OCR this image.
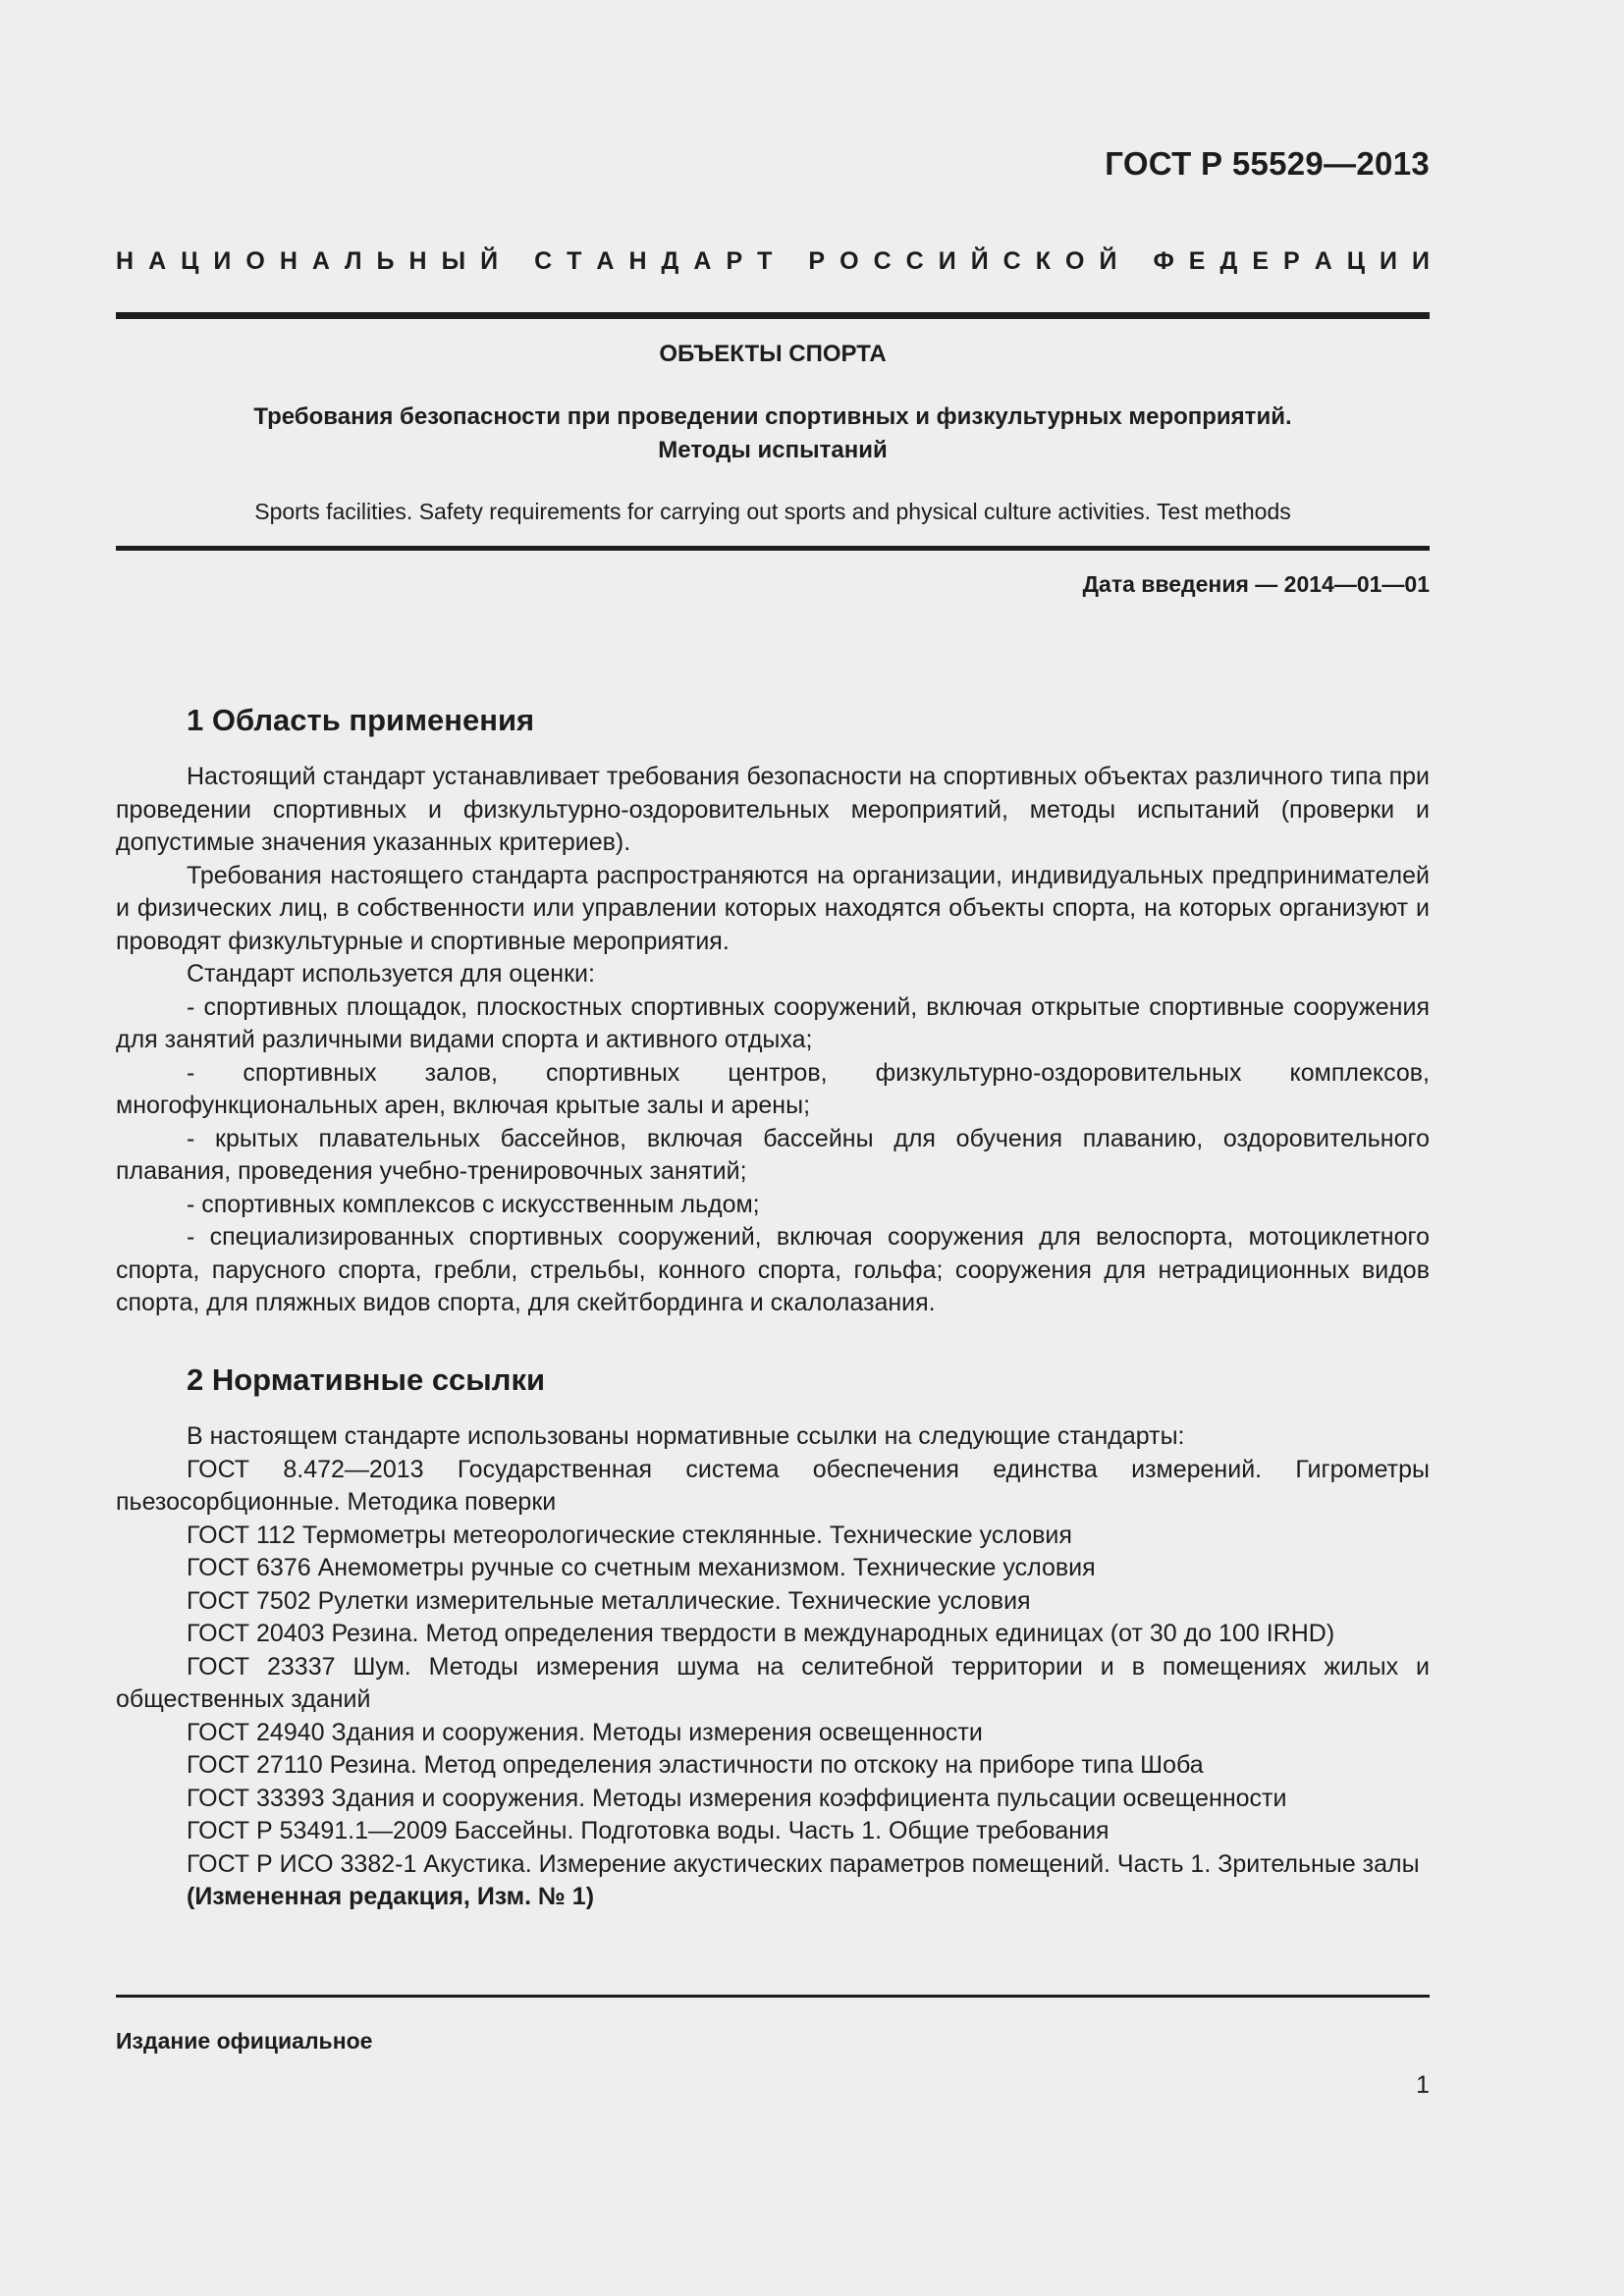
ГОСТ Р 55529—2013
Н   А   Ц   И   О   Н   А   Л   Ь   Н   Ы   Й С   Т   А   Н   Д   А   Р   Т Р   О   С   С   И   Й   С   К   О   Й Ф   Е   Д   Е   Р   А   Ц   И   И
ОБЪЕКТЫ СПОРТА
Требования безопасности при проведении спортивных и физкультурных мероприятий.
Методы испытаний
Sports facilities. Safety requirements for carrying out sports and physical culture activities. Test methods
Дата введения — 2014—01—01
1 Область применения

Настоящий стандарт устанавливает требования безопасности на спортивных объектах различного типа при проведении спортивных и физкультурно-оздоровительных мероприятий, методы испытаний (проверки и допустимые значения указанных критериев).

Требования настоящего стандарта распространяются на организации, индивидуальных предпринимателей и физических лиц, в собственности или управлении которых находятся объекты спорта, на которых организуют и проводят физкультурные и спортивные мероприятия.

Стандарт используется для оценки:

- спортивных площадок, плоскостных спортивных сооружений, включая открытые спортивные сооружения для занятий различными видами спорта и активного отдыха;

- спортивных залов, спортивных центров, физкультурно-оздоровительных комплексов, многофункциональных арен, включая крытые залы и арены;

- крытых плавательных бассейнов, включая бассейны для обучения плаванию, оздоровительного плавания, проведения учебно-тренировочных занятий;

- спортивных комплексов с искусственным льдом;

- специализированных спортивных сооружений, включая сооружения для велоспорта, мотоциклетного спорта, парусного спорта, гребли, стрельбы, конного спорта, гольфа; сооружения для нетрадиционных видов спорта, для пляжных видов спорта, для скейтбординга и скалолазания.

2 Нормативные ссылки

В настоящем стандарте использованы нормативные ссылки на следующие стандарты:

ГОСТ 8.472—2013 Государственная система обеспечения единства измерений. Гигрометры пьезосорбционные. Методика поверки

ГОСТ 112 Термометры метеорологические стеклянные. Технические условия

ГОСТ 6376 Анемометры ручные со счетным механизмом. Технические условия

ГОСТ 7502 Рулетки измерительные металлические. Технические условия

ГОСТ 20403 Резина. Метод определения твердости в международных единицах (от 30 до 100 IRHD)

ГОСТ 23337 Шум. Методы измерения шума на селитебной территории и в помещениях жилых и общественных зданий

ГОСТ 24940 Здания и сооружения. Методы измерения освещенности

ГОСТ 27110 Резина. Метод определения эластичности по отскоку на приборе типа Шоба

ГОСТ 33393 Здания и сооружения. Методы измерения коэффициента пульсации освещенности

ГОСТ Р 53491.1—2009 Бассейны. Подготовка воды. Часть 1. Общие требования

ГОСТ Р ИСО 3382-1 Акустика. Измерение акустических параметров помещений. Часть 1. Зрительные залы

(Измененная редакция, Изм. № 1)

Издание официальное
1
